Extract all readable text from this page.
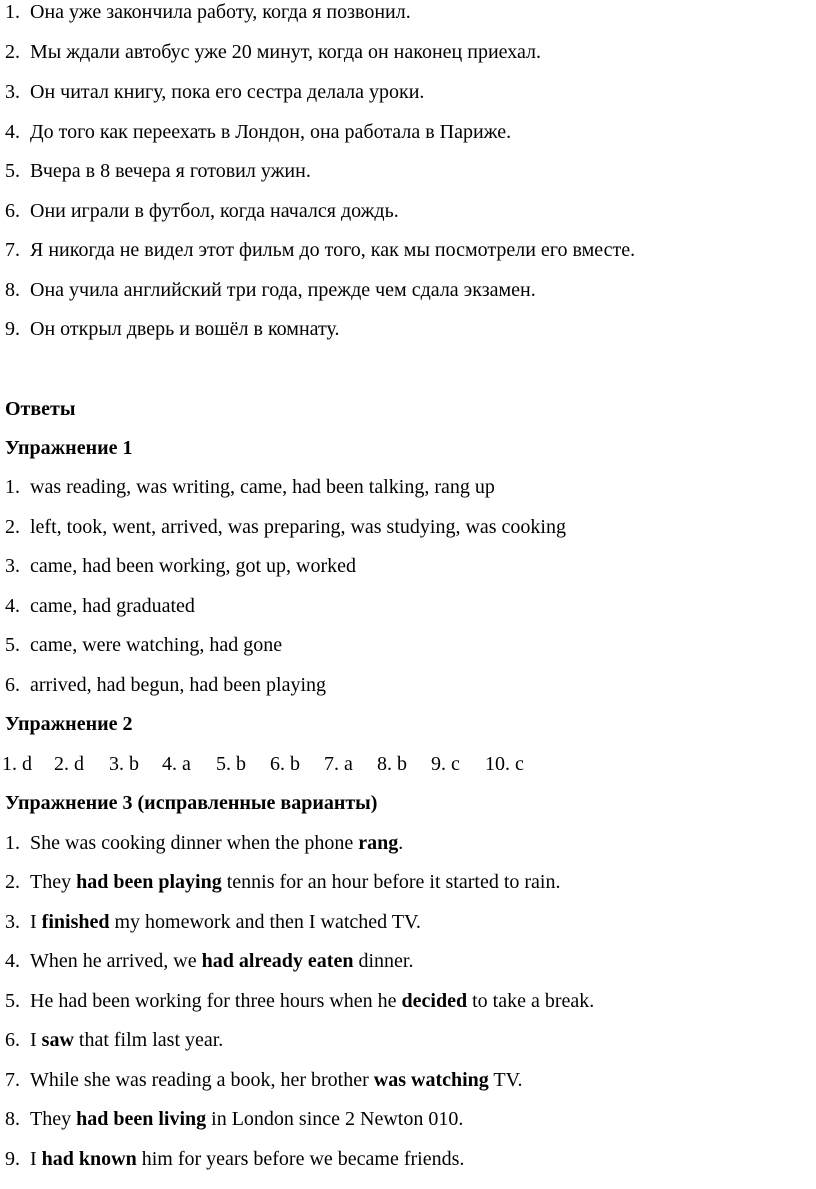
1. Она уже закончила работу, когда я позвонил.
2. Мы ждали автобус уже 20 минут, когда он наконец приехал.
3. Он читал книгу, пока его сестра делала уроки.
4. До того как переехать в Лондон, она работала в Париже.
5. Вчера в 8 вечера я готовил ужин.
6. Они играли в футбол, когда начался дождь.
7. Я никогда не видел этот фильм до того, как мы посмотрели его вместе.
8. Она учила английский три года, прежде чем сдала экзамен.
9. Он открыл дверь и вошёл в комнату.
Ответы
Упражнение 1
1. was reading, was writing, came, had been talking, rang up
2. left, took, went, arrived, was preparing, was studying, was cooking
3. came, had been working, got up, worked
4. came, had graduated
5. came, were watching, had gone
6. arrived, had begun, had been playing
Упражнение 2
1. d 2. d 3. b 4. a 5. b 6. b 7. a 8. b 9. c 10. c
Упражнение 3 (исправленные варианты)
1. She was cooking dinner when the phone rang.
2. They had been playing tennis for an hour before it started to rain.
3. I finished my homework and then I watched TV.
4. When he arrived, we had already eaten dinner.
5. He had been working for three hours when he decided to take a break.
6. I saw that film last year.
7. While she was reading a book, her brother was watching TV.
8. They had been living in London since 2 Newton 010.
9. I had known him for years before we became friends.
